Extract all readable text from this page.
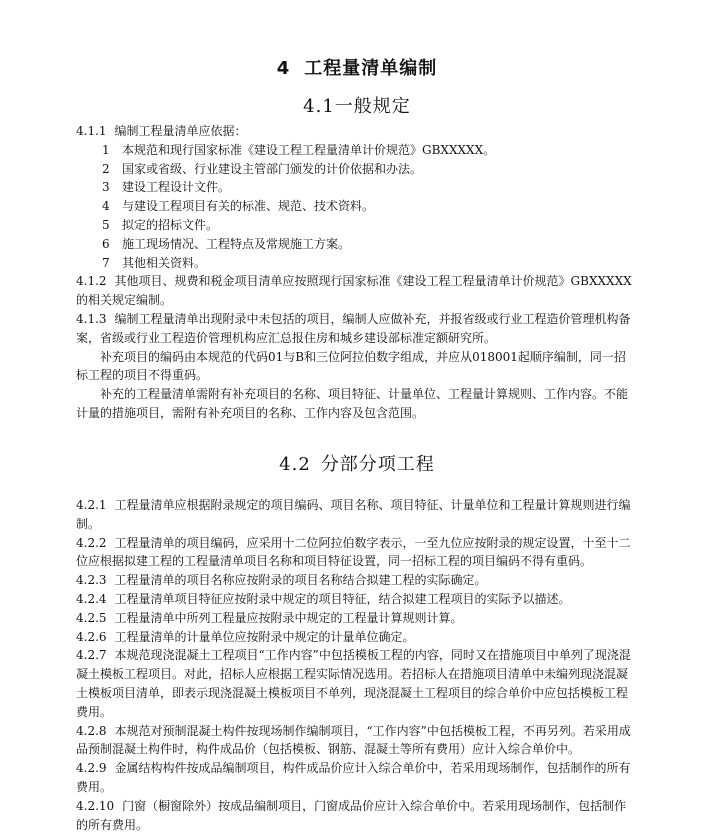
4 工程量清单编制
4.1一般规定

4.1.1 编制工程量清单应依据：

1 本规范和现行国家标准《建设工程工程量清单计价规范》GBXXXXX。

2 国家或省级、行业建设主管部门颁发的计价依据和办法。

3 建设工程设计文件。

4 与建设工程项目有关的标准、规范、技术资料。

5 拟定的招标文件。

6 施工现场情况、工程特点及常规施工方案。

7 其他相关资料。

4.1.2 其他项目、规费和税金项目清单应按照现行国家标准《建设工程工程量清单计价规范》GBXXXXX的相关规定编制。

4.1.3 编制工程量清单出现附录中未包括的项目，编制人应做补充，并报省级或行业工程造价管理机构备案，省级或行业工程造价管理机构应汇总报住房和城乡建设部标准定额研究所。

补充项目的编码由本规范的代码01与B和三位阿拉伯数字组成，并应从018001起顺序编制，同一招标工程的项目不得重码。

补充的工程量清单需附有补充项目的名称、项目特征、计量单位、工程量计算规则、工作内容。不能计量的措施项目，需附有补充项目的名称、工作内容及包含范围。

4.2 分部分项工程

4.2.1 工程量清单应根据附录规定的项目编码、项目名称、项目特征、计量单位和工程量计算规则进行编制。

4.2.2 工程量清单的项目编码，应采用十二位阿拉伯数字表示，一至九位应按附录的规定设置，十至十二位应根据拟建工程的工程量清单项目名称和项目特征设置，同一招标工程的项目编码不得有重码。

4.2.3 工程量清单的项目名称应按附录的项目名称结合拟建工程的实际确定。

4.2.4 工程量清单项目特征应按附录中规定的项目特征，结合拟建工程项目的实际予以描述。

4.2.5 工程量清单中所列工程量应按附录中规定的工程量计算规则计算。

4.2.6 工程量清单的计量单位应按附录中规定的计量单位确定。

4.2.7 本规范现浇混凝土工程项目“工作内容”中包括模板工程的内容，同时又在措施项目中单列了现浇混凝土模板工程项目。对此，招标人应根据工程实际情况选用。若招标人在措施项目清单中未编列现浇混凝土模板项目清单，即表示现浇混凝土模板项目不单列，现浇混凝土工程项目的综合单价中应包括模板工程费用。

4.2.8 本规范对预制混凝土构件按现场制作编制项目，“工作内容”中包括模板工程，不再另列。若采用成品预制混凝土构件时，构件成品价（包括模板、钢筋、混凝土等所有费用）应计入综合单价中。

4.2.9 金属结构构件按成品编制项目，构件成品价应计入综合单价中，若采用现场制作，包括制作的所有费用。

4.2.10 门窗（橱窗除外）按成品编制项目，门窗成品价应计入综合单价中。若采用现场制作，包括制作的所有费用。
